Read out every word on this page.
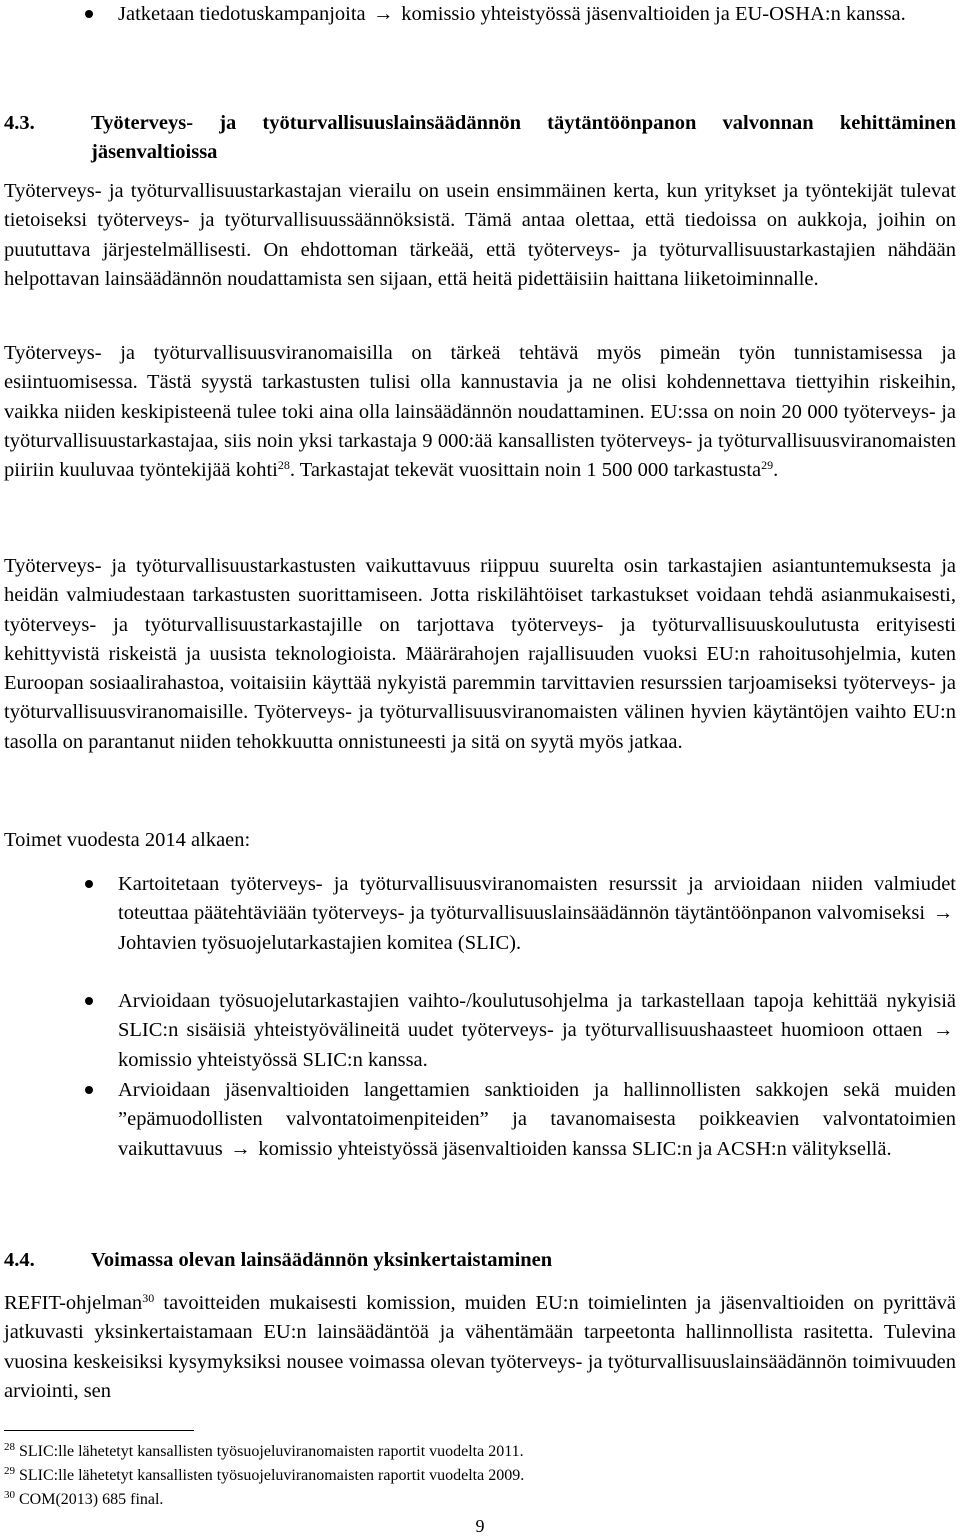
Jatketaan tiedotuskampanjoita → komissio yhteistyössä jäsenvaltioiden ja EU-OSHA:n kanssa.
4.3.	Työterveys- ja työturvallisuuslainsäädännön täytäntöönpanon valvonnan kehittäminen jäsenvaltioissa
Työterveys- ja työturvallisuustarkastajan vierailu on usein ensimmäinen kerta, kun yritykset ja työntekijät tulevat tietoiseksi työterveys- ja työturvallisuussäännöksistä. Tämä antaa olettaa, että tiedoissa on aukkoja, joihin on puututtava järjestelmällisesti. On ehdottoman tärkeää, että työterveys- ja työturvallisuustarkastajien nähdään helpottavan lainsäädännön noudattamista sen sijaan, että heitä pidettäisiin haittana liiketoiminnalle.
Työterveys- ja työturvallisuusviranomaisilla on tärkeä tehtävä myös pimeän työn tunnistamisessa ja esiintuomisessa. Tästä syystä tarkastusten tulisi olla kannustavia ja ne olisi kohdennettava tiettyihin riskeihin, vaikka niiden keskipisteenä tulee toki aina olla lainsäädännön noudattaminen. EU:ssa on noin 20 000 työterveys- ja työturvallisuustarkastajaa, siis noin yksi tarkastaja 9 000:ää kansallisten työterveys- ja työturvallisuusviranomaisten piiriin kuuluvaa työntekijää kohti$^{28}$. Tarkastajat tekevät vuosittain noin 1 500 000 tarkastusta$^{29}$.
Työterveys- ja työturvallisuustarkastusten vaikuttavuus riippuu suurelta osin tarkastajien asiantuntemuksesta ja heidän valmiudestaan tarkastusten suorittamiseen. Jotta riskilähtöiset tarkastukset voidaan tehdä asianmukaisesti, työterveys- ja työturvallisuustarkastajille on tarjottava työterveys- ja työturvallisuuskoulutusta erityisesti kehittyvistä riskeistä ja uusista teknologioista. Määrärahojen rajallisuuden vuoksi EU:n rahoitusohjelmia, kuten Euroopan sosiaalirahastoa, voitaisiin käyttää nykyistä paremmin tarvittavien resurssien tarjoamiseksi työterveys- ja työturvallisuusviranomaisille. Työterveys- ja työturvallisuusviranomaisten välinen hyvien käytäntöjen vaihto EU:n tasolla on parantanut niiden tehokkuutta onnistuneesti ja sitä on syytä myös jatkaa.
Toimet vuodesta 2014 alkaen:
Kartoitetaan työterveys- ja työturvallisuusviranomaisten resurssit ja arvioidaan niiden valmiudet toteuttaa päätehtäviään työterveys- ja työturvallisuuslainsäädännön täytäntöönpanon valvomiseksi → Johtavien työsuojelutarkastajien komitea (SLIC).
Arvioidaan työsuojelutarkastajien vaihto-/koulutusohjelma ja tarkastellaan tapoja kehittää nykyisiä SLIC:n sisäisiä yhteistyövälineitä uudet työterveys- ja työturvallisuushaasteet huomioon ottaen → komissio yhteistyössä SLIC:n kanssa.
Arvioidaan jäsenvaltioiden langettamien sanktioiden ja hallinnollisten sakkojen sekä muiden ”epämuodollisten valvontatoimenpiteiden” ja tavanomaisesta poikkeavien valvontatoimien vaikuttavuus → komissio yhteistyössä jäsenvaltioiden kanssa SLIC:n ja ACSH:n välityksellä.
4.4.	Voimassa olevan lainsäädännön yksinkertaistaminen
REFIT-ohjelman$^{30}$ tavoitteiden mukaisesti komission, muiden EU:n toimielinten ja jäsenvaltioiden on pyrittävä jatkuvasti yksinkertaistamaan EU:n lainsäädäntöä ja vähentämään tarpeetonta hallinnollista rasitetta. Tulevina vuosina keskeisiksi kysymyksiksi nousee voimassa olevan työterveys- ja työturvallisuuslainsäädännön toimivuuden arviointi, sen
$^{28}$ SLIC:lle lähetetyt kansallisten työsuojeluviranomaisten raportit vuodelta 2011.
$^{29}$ SLIC:lle lähetetyt kansallisten työsuojeluviranomaisten raportit vuodelta 2009.
$^{30}$ COM(2013) 685 final.
9
